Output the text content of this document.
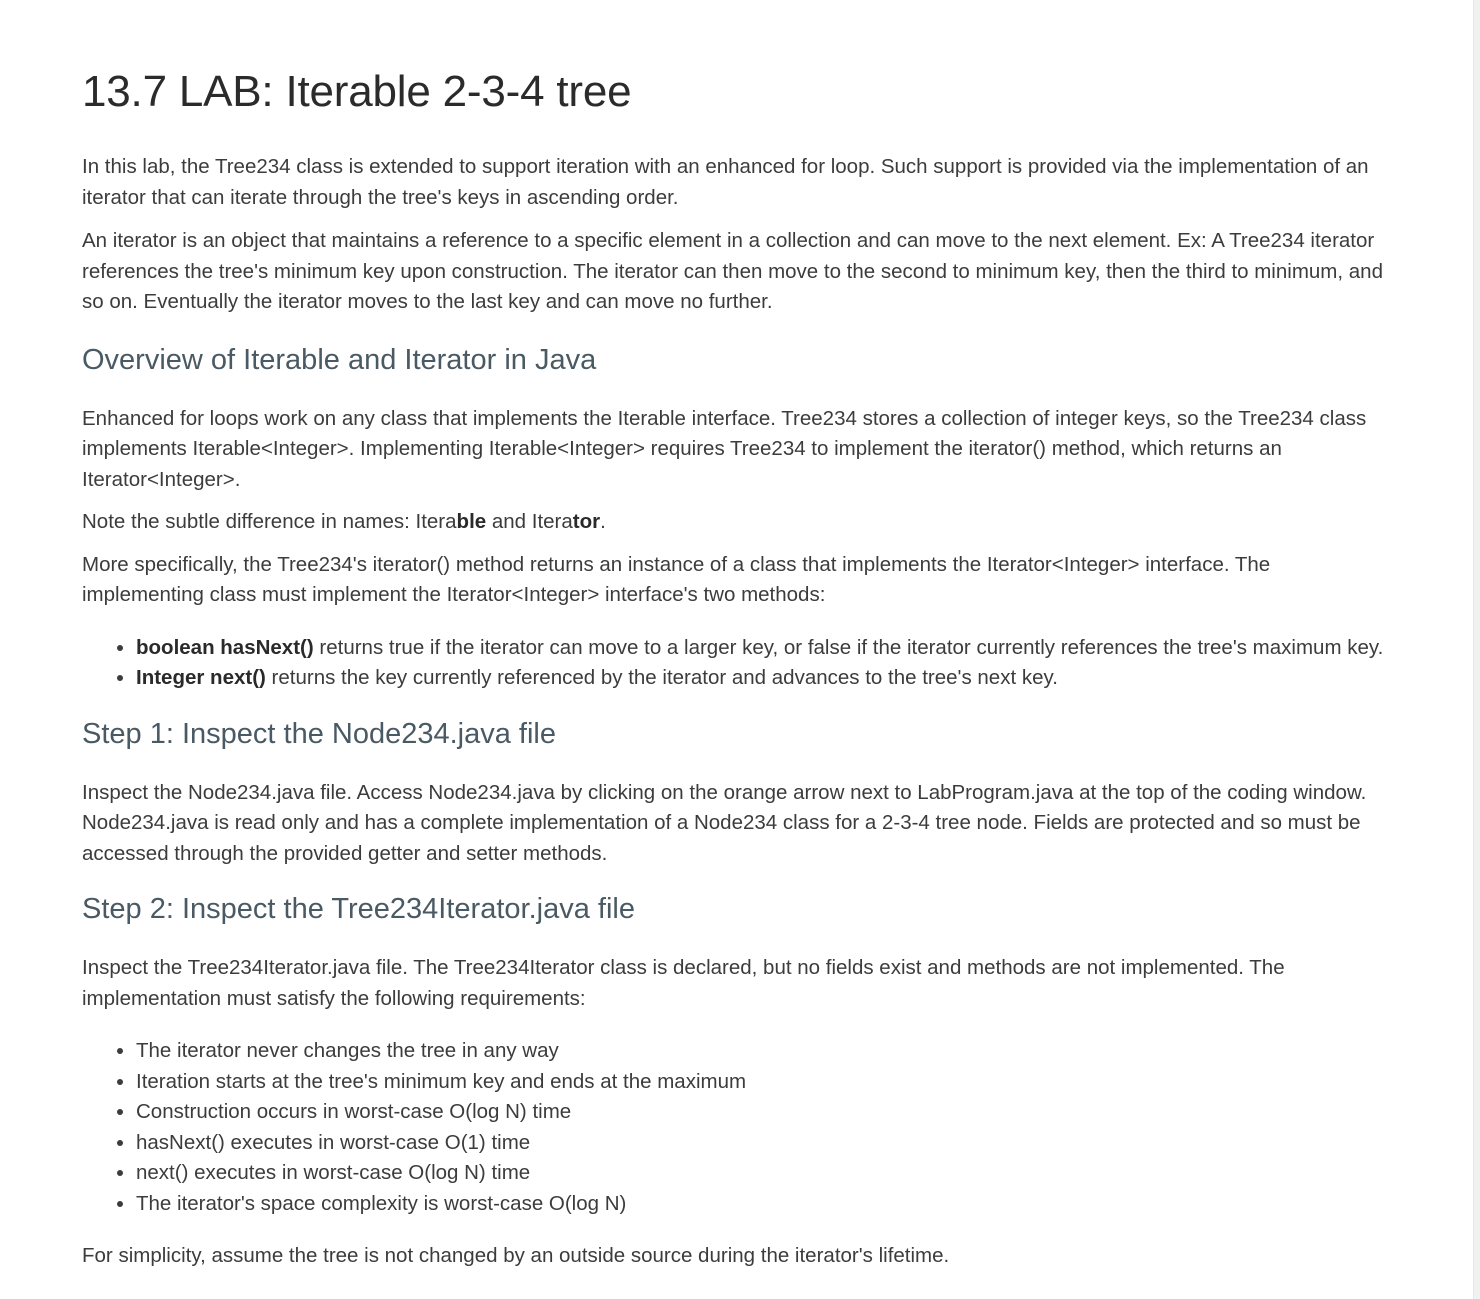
13.7 LAB: Iterable 2-3-4 tree

In this lab, the Tree234 class is extended to support iteration with an enhanced for loop. Such support is provided via the implementation of an iterator that can iterate through the tree's keys in ascending order.

An iterator is an object that maintains a reference to a specific element in a collection and can move to the next element. Ex: A Tree234 iterator references the tree's minimum key upon construction. The iterator can then move to the second to minimum key, then the third to minimum, and so on. Eventually the iterator moves to the last key and can move no further.

Overview of Iterable and Iterator in Java

Enhanced for loops work on any class that implements the Iterable interface. Tree234 stores a collection of integer keys, so the Tree234 class implements Iterable<Integer>. Implementing Iterable<Integer> requires Tree234 to implement the iterator() method, which returns an Iterator<Integer>.

Note the subtle difference in names: Iterable and Iterator.

More specifically, the Tree234's iterator() method returns an instance of a class that implements the Iterator<Integer> interface. The implementing class must implement the Iterator<Integer> interface's two methods:

• boolean hasNext() returns true if the iterator can move to a larger key, or false if the iterator currently references the tree's maximum key.
• Integer next() returns the key currently referenced by the iterator and advances to the tree's next key.
Step 1: Inspect the Node234.java file

Inspect the Node234.java file. Access Node234.java by clicking on the orange arrow next to LabProgram.java at the top of the coding window. Node234.java is read only and has a complete implementation of a Node234 class for a 2-3-4 tree node. Fields are protected and so must be accessed through the provided getter and setter methods.

Step 2: Inspect the Tree234Iterator.java file

Inspect the Tree234Iterator.java file. The Tree234Iterator class is declared, but no fields exist and methods are not implemented. The implementation must satisfy the following requirements:

• The iterator never changes the tree in any way
• Iteration starts at the tree's minimum key and ends at the maximum
• Construction occurs in worst-case O(log N) time
• hasNext() executes in worst-case O(1) time
• next() executes in worst-case O(log N) time
• The iterator's space complexity is worst-case O(log N)

For simplicity, assume the tree is not changed by an outside source during the iterator's lifetime.
